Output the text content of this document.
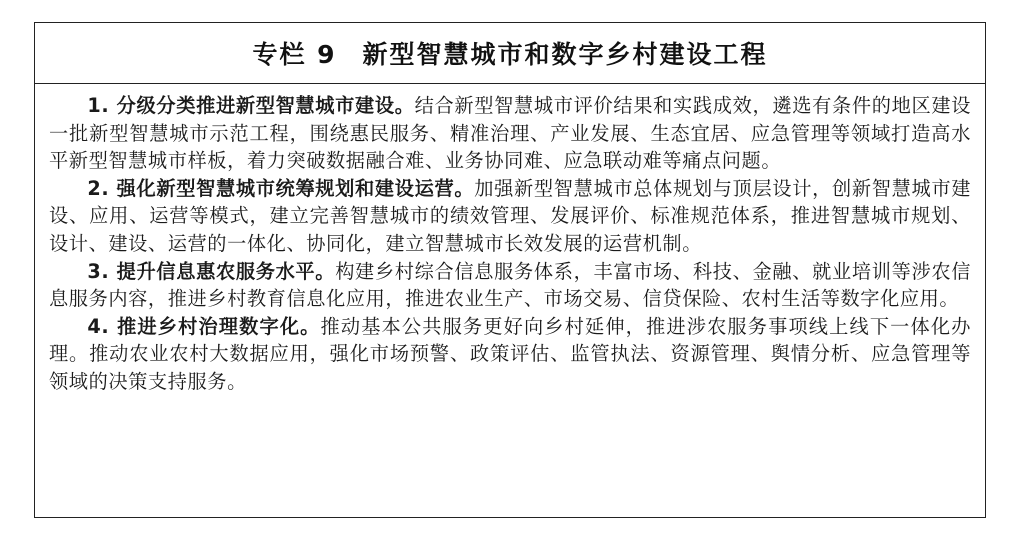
专栏 9 新型智慧城市和数字乡村建设工程

1. 分级分类推进新型智慧城市建设。结合新型智慧城市评价结果和实践成效，遴选有条件的地区建设一批新型智慧城市示范工程，围绕惠民服务、精准治理、产业发展、生态宜居、应急管理等领域打造高水平新型智慧城市样板，着力突破数据融合难、业务协同难、应急联动难等痛点问题。

2. 强化新型智慧城市统筹规划和建设运营。加强新型智慧城市总体规划与顶层设计，创新智慧城市建设、应用、运营等模式，建立完善智慧城市的绩效管理、发展评价、标准规范体系，推进智慧城市规划、设计、建设、运营的一体化、协同化，建立智慧城市长效发展的运营机制。

3. 提升信息惠农服务水平。构建乡村综合信息服务体系，丰富市场、科技、金融、就业培训等涉农信息服务内容，推进乡村教育信息化应用，推进农业生产、市场交易、信贷保险、农村生活等数字化应用。

4. 推进乡村治理数字化。推动基本公共服务更好向乡村延伸，推进涉农服务事项线上线下一体化办理。推动农业农村大数据应用，强化市场预警、政策评估、监管执法、资源管理、舆情分析、应急管理等领域的决策支持服务。
